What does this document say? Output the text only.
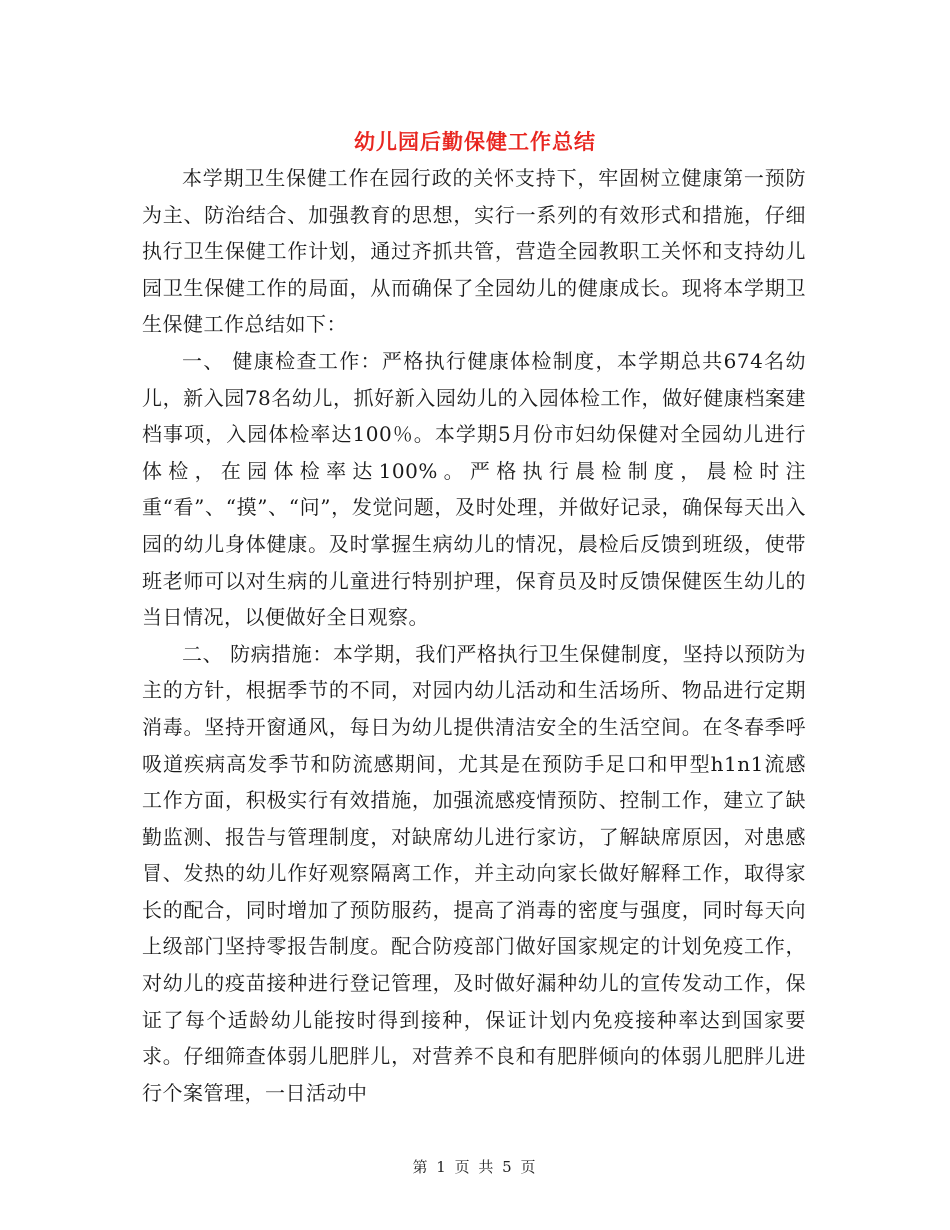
幼儿园后勤保健工作总结

本学期卫生保健工作在园行政的关怀支持下，牢固树立健康第一预防为主、防治结合、加强教育的思想，实行一系列的有效形式和措施，仔细执行卫生保健工作计划，通过齐抓共管，营造全园教职工关怀和支持幼儿园卫生保健工作的局面，从而确保了全园幼儿的健康成长。现将本学期卫生保健工作总结如下：

一、 健康检查工作：严格执行健康体检制度，本学期总共674名幼儿，新入园78名幼儿，抓好新入园幼儿的入园体检工作，做好健康档案建档事项，入园体检率达100％。本学期5月份市妇幼保健对全园幼儿进行体检，在园体检率达100%。严格执行晨检制度，晨检时注重“看”、“摸”、“问”，发觉问题，及时处理，并做好记录，确保每天出入园的幼儿身体健康。及时掌握生病幼儿的情况，晨检后反馈到班级，使带班老师可以对生病的儿童进行特别护理，保育员及时反馈保健医生幼儿的当日情况，以便做好全日观察。

二、 防病措施：本学期，我们严格执行卫生保健制度，坚持以预防为主的方针，根据季节的不同，对园内幼儿活动和生活场所、物品进行定期消毒。坚持开窗通风，每日为幼儿提供清洁安全的生活空间。在冬春季呼吸道疾病高发季节和防流感期间，尤其是在预防手足口和甲型h1n1流感工作方面，积极实行有效措施，加强流感疫情预防、控制工作，建立了缺勤监测、报告与管理制度，对缺席幼儿进行家访，了解缺席原因，对患感冒、发热的幼儿作好观察隔离工作，并主动向家长做好解释工作，取得家长的配合，同时增加了预防服药，提高了消毒的密度与强度，同时每天向上级部门坚持零报告制度。配合防疫部门做好国家规定的计划免疫工作，对幼儿的疫苗接种进行登记管理，及时做好漏种幼儿的宣传发动工作，保证了每个适龄幼儿能按时得到接种，保证计划内免疫接种率达到国家要求。仔细筛查体弱儿肥胖儿，对营养不良和有肥胖倾向的体弱儿肥胖儿进行个案管理，一日活动中

第 1 页 共 5 页
